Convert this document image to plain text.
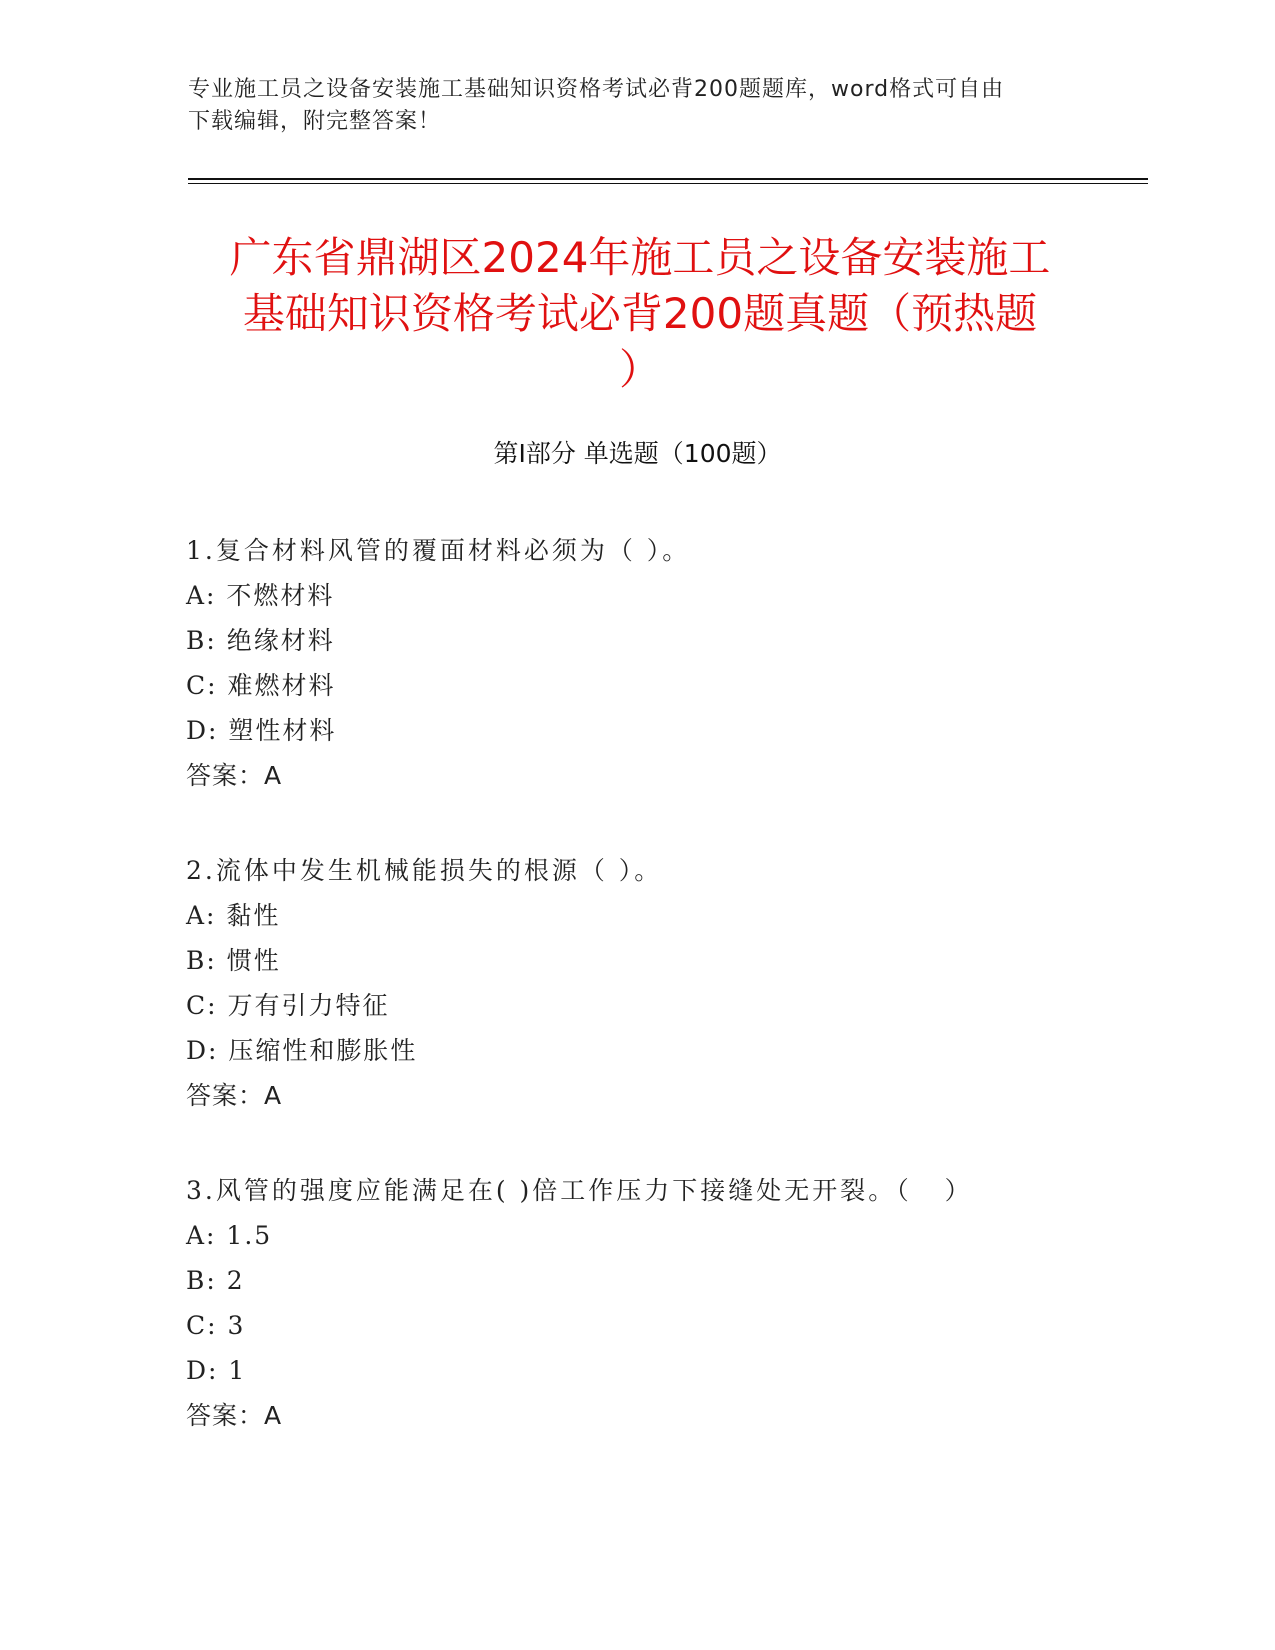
专业施工员之设备安装施工基础知识资格考试必背200题题库，word格式可自由
下载编辑，附完整答案！
广东省鼎湖区2024年施工员之设备安装施工
基础知识资格考试必背200题真题（预热题
）
第Ⅰ部分 单选题（100题）
1.复合材料风管的覆面材料必须为（ ）。
A: 不燃材料
B: 绝缘材料
C: 难燃材料
D: 塑性材料
答案：A
2.流体中发生机械能损失的根源（ ）。
A: 黏性
B: 惯性
C: 万有引力特征
D: 压缩性和膨胀性
答案：A
3.风管的强度应能满足在( )倍工作压力下接缝处无开裂。（   ）
A: 1.5
B: 2
C: 3
D: 1
答案：A
